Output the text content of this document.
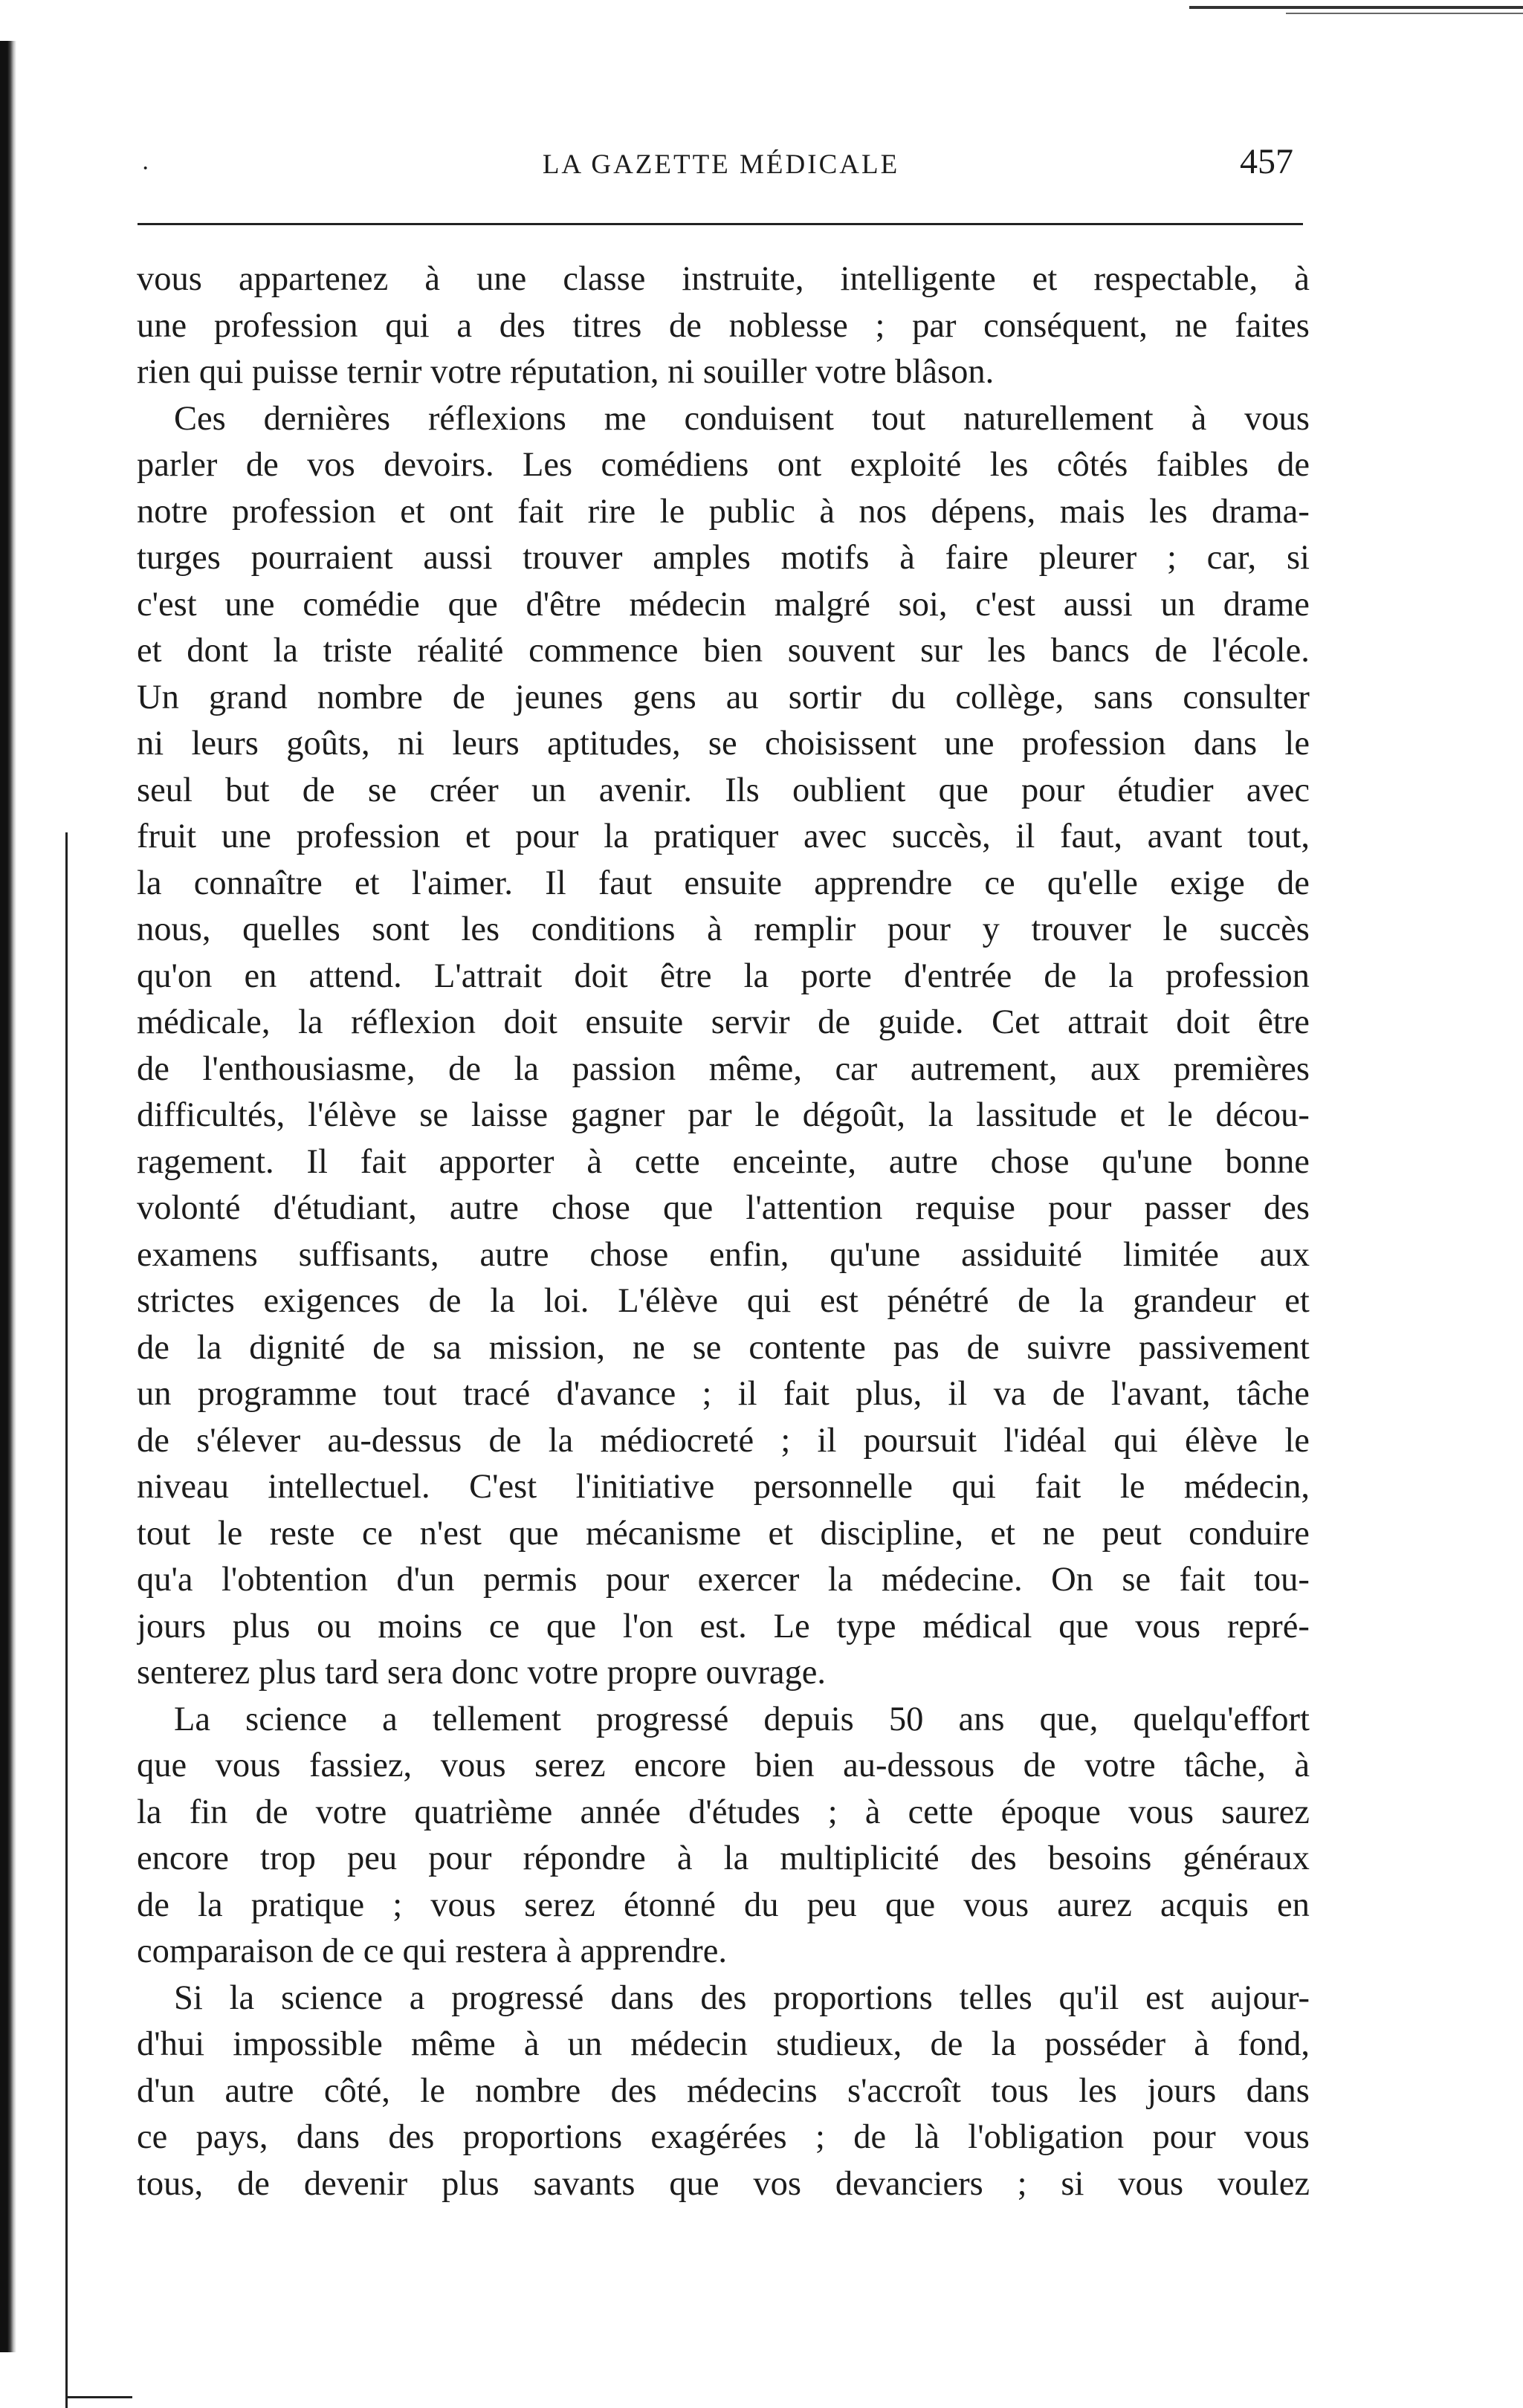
·	LA GAZETTE MÉDICALE	457
vous appartenez à une classe instruite, intelligente et respectable, à
une profession qui a des titres de noblesse ; par conséquent, ne faites
rien qui puisse ternir votre réputation, ni souiller votre blâson.
Ces dernières réflexions me conduisent tout naturellement à vous
parler de vos devoirs. Les comédiens ont exploité les côtés faibles de
notre profession et ont fait rire le public à nos dépens, mais les drama-
turges pourraient aussi trouver amples motifs à faire pleurer ; car, si
c'est une comédie que d'être médecin malgré soi, c'est aussi un drame
et dont la triste réalité commence bien souvent sur les bancs de l'école.
Un grand nombre de jeunes gens au sortir du collège, sans consulter
ni leurs goûts, ni leurs aptitudes, se choisissent une profession dans le
seul but de se créer un avenir. Ils oublient que pour étudier avec
fruit une profession et pour la pratiquer avec succès, il faut, avant tout,
la connaître et l'aimer. Il faut ensuite apprendre ce qu'elle exige de
nous, quelles sont les conditions à remplir pour y trouver le succès
qu'on en attend. L'attrait doit être la porte d'entrée de la profession
médicale, la réflexion doit ensuite servir de guide. Cet attrait doit être
de l'enthousiasme, de la passion même, car autrement, aux premières
difficultés, l'élève se laisse gagner par le dégoût, la lassitude et le décou-
ragement. Il fait apporter à cette enceinte, autre chose qu'une bonne
volonté d'étudiant, autre chose que l'attention requise pour passer des
examens suffisants, autre chose enfin, qu'une assiduité limitée aux
strictes exigences de la loi. L'élève qui est pénétré de la grandeur et
de la dignité de sa mission, ne se contente pas de suivre passivement
un programme tout tracé d'avance ; il fait plus, il va de l'avant, tâche
de s'élever au-dessus de la médiocreté ; il poursuit l'idéal qui élève le
niveau intellectuel. C'est l'initiative personnelle qui fait le médecin,
tout le reste ce n'est que mécanisme et discipline, et ne peut conduire
qu'a l'obtention d'un permis pour exercer la médecine. On se fait tou-
jours plus ou moins ce que l'on est. Le type médical que vous repré-
senterez plus tard sera donc votre propre ouvrage.
La science a tellement progressé depuis 50 ans que, quelqu'effort
que vous fassiez, vous serez encore bien au-dessous de votre tâche, à
la fin de votre quatrième année d'études ; à cette époque vous saurez
encore trop peu pour répondre à la multiplicité des besoins généraux
de la pratique ; vous serez étonné du peu que vous aurez acquis en
comparaison de ce qui restera à apprendre.
Si la science a progressé dans des proportions telles qu'il est aujour-
d'hui impossible même à un médecin studieux, de la posséder à fond,
d'un autre côté, le nombre des médecins s'accroît tous les jours dans
ce pays, dans des proportions exagérées ; de là l'obligation pour vous
tous, de devenir plus savants que vos devanciers ; si vous voulez
